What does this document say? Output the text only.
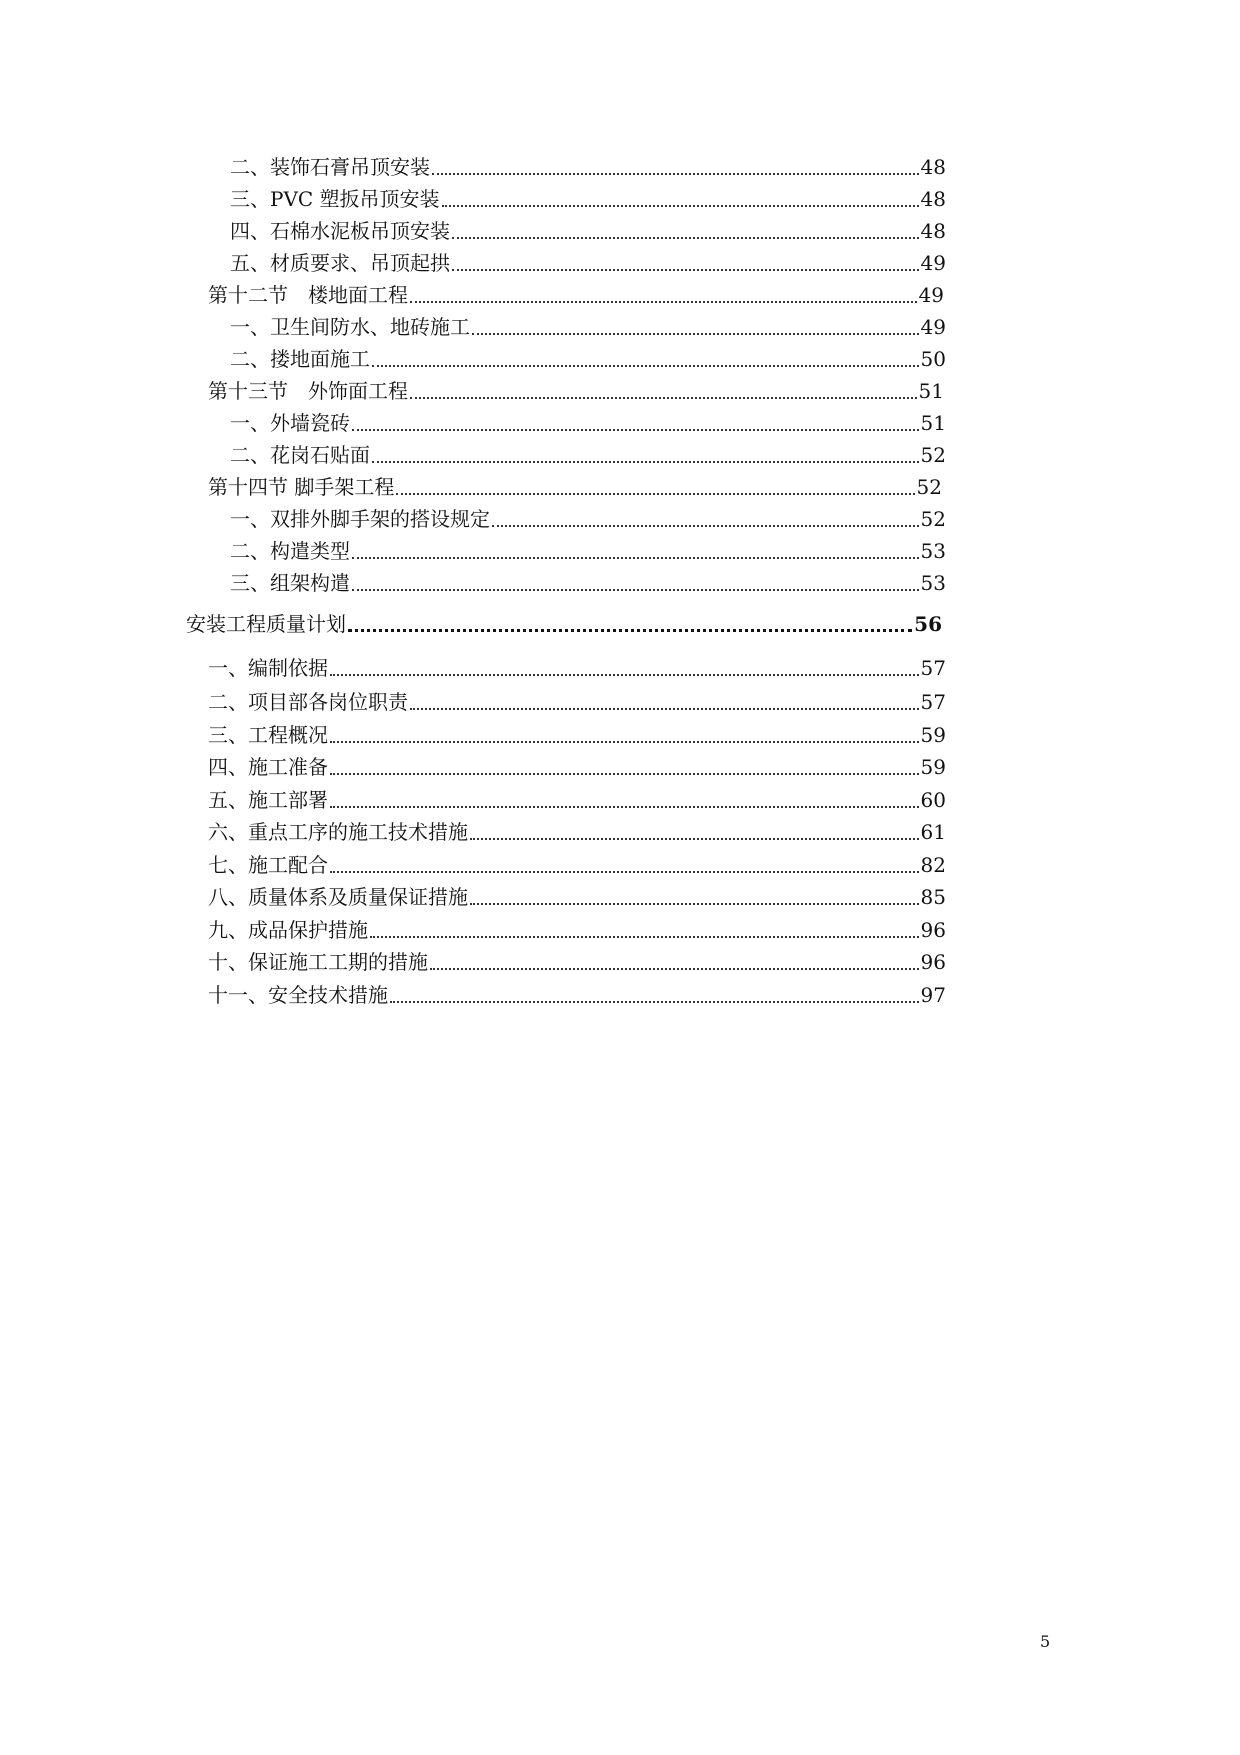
二、装饰石膏吊顶安装	48
三、PVC 塑扳吊顶安装	48
四、石棉水泥板吊顶安装	48
五、材质要求、吊顶起拱	49
第十二节　楼地面工程	49
一、卫生间防水、地砖施工	49
二、搂地面施工	50
第十三节　外饰面工程	51
一、外墙瓷砖	51
二、花岗石贴面	52
第十四节 脚手架工程	52
一、双排外脚手架的搭设规定	52
二、构遣类型	53
三、组架构遣	53
安装工程质量计划	56
一、编制依据	57
二、项目部各岗位职责	57
三、工程概况	59
四、施工准备	59
五、施工部署	60
六、重点工序的施工技术措施	61
七、施工配合	82
八、质量体系及质量保证措施	85
九、成品保护措施	96
十、保证施工工期的措施	96
十一、安全技术措施	97
5
